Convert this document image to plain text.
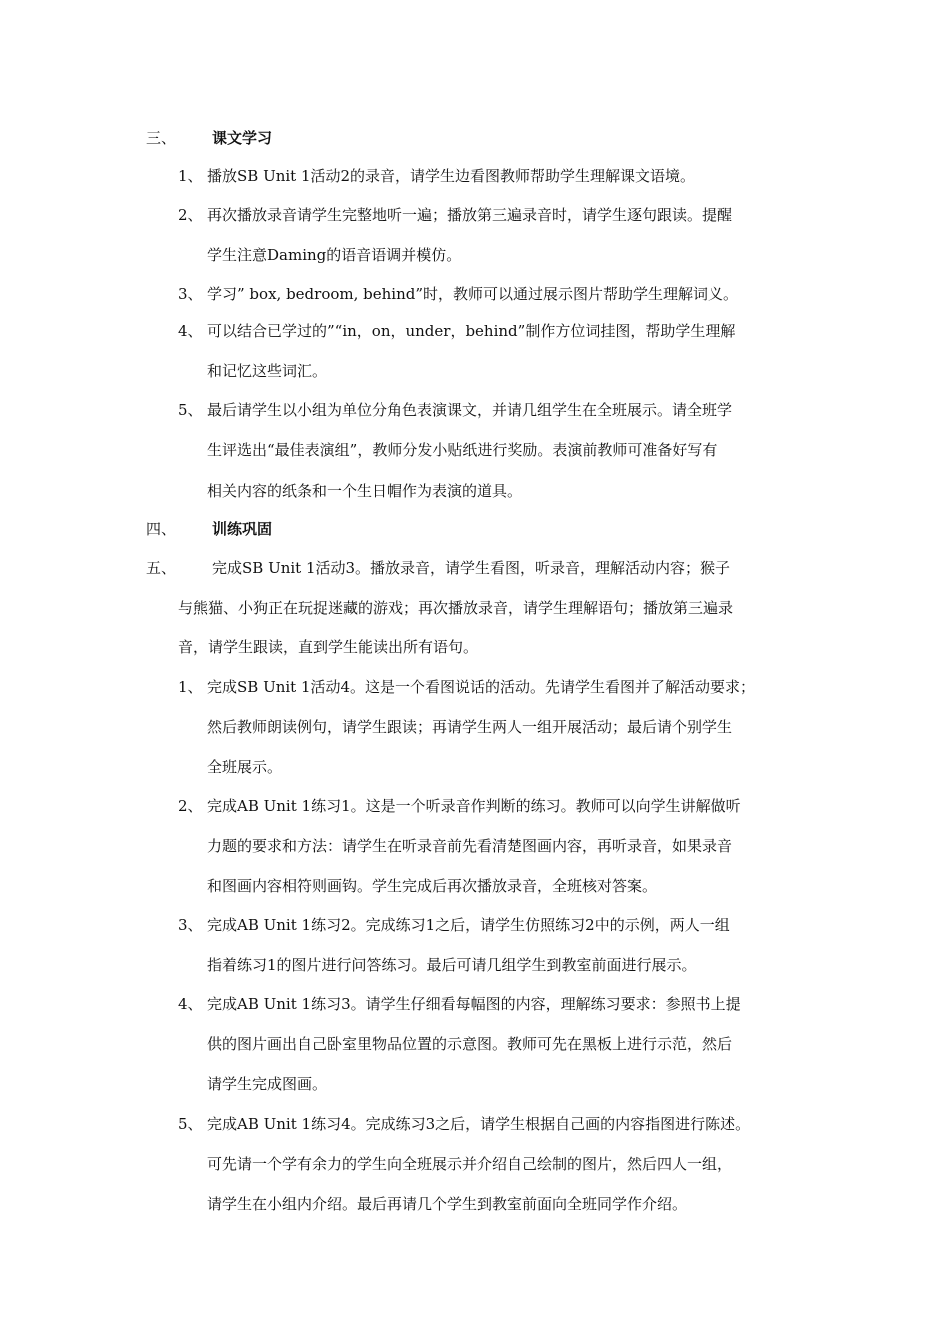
三、 课文学习
1、 播放SB Unit 1活动2的录音，请学生边看图教师帮助学生理解课文语境。
2、 再次播放录音请学生完整地听一遍；播放第三遍录音时，请学生逐句跟读。提醒
学生注意Daming的语音语调并模仿。
3、 学习” box, bedroom, behind”时，教师可以通过展示图片帮助学生理解词义。
4、 可以结合已学过的”“in，on，under，behind”制作方位词挂图，帮助学生理解
和记忆这些词汇。
5、 最后请学生以小组为单位分角色表演课文，并请几组学生在全班展示。请全班学
生评选出“最佳表演组”，教师分发小贴纸进行奖励。表演前教师可准备好写有
相关内容的纸条和一个生日帽作为表演的道具。
四、 训练巩固
五、 完成SB Unit 1活动3。播放录音，请学生看图，听录音，理解活动内容；猴子
与熊猫、小狗正在玩捉迷藏的游戏；再次播放录音，请学生理解语句；播放第三遍录
音，请学生跟读，直到学生能读出所有语句。
1、 完成SB Unit 1活动4。这是一个看图说话的活动。先请学生看图并了解活动要求；
然后教师朗读例句，请学生跟读；再请学生两人一组开展活动；最后请个别学生
全班展示。
2、 完成AB Unit 1练习1。这是一个听录音作判断的练习。教师可以向学生讲解做听
力题的要求和方法：请学生在听录音前先看清楚图画内容，再听录音，如果录音
和图画内容相符则画钩。学生完成后再次播放录音，全班核对答案。
3、 完成AB Unit 1练习2。完成练习1之后，请学生仿照练习2中的示例，两人一组
指着练习1的图片进行问答练习。最后可请几组学生到教室前面进行展示。
4、 完成AB Unit 1练习3。请学生仔细看每幅图的内容，理解练习要求：参照书上提
供的图片画出自己卧室里物品位置的示意图。教师可先在黑板上进行示范，然后
请学生完成图画。
5、 完成AB Unit 1练习4。完成练习3之后，请学生根据自己画的内容指图进行陈述。
可先请一个学有余力的学生向全班展示并介绍自己绘制的图片，然后四人一组，
请学生在小组内介绍。最后再请几个学生到教室前面向全班同学作介绍。
